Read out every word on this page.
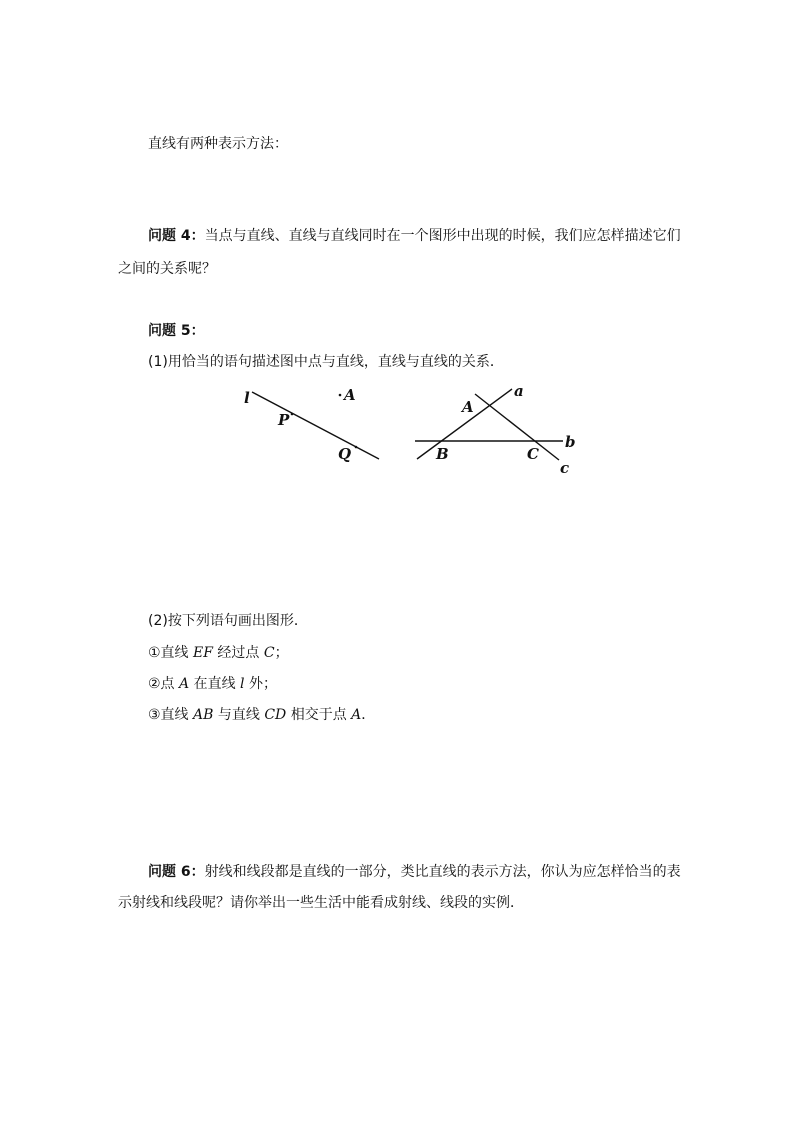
直线有两种表示方法：
问题 4：当点与直线、直线与直线同时在一个图形中出现的时候，我们应怎样描述它们
之间的关系呢？
问题 5：
(1)用恰当的语句描述图中点与直线，直线与直线的关系．
l	A
P
Q
a
b
c
A
B	C
(2)按下列语句画出图形．
①直线 EF 经过点 C；
②点 A 在直线 l 外；
③直线 AB 与直线 CD 相交于点 A．
问题 6：射线和线段都是直线的一部分，类比直线的表示方法，你认为应怎样恰当的表
示射线和线段呢？请你举出一些生活中能看成射线、线段的实例．
